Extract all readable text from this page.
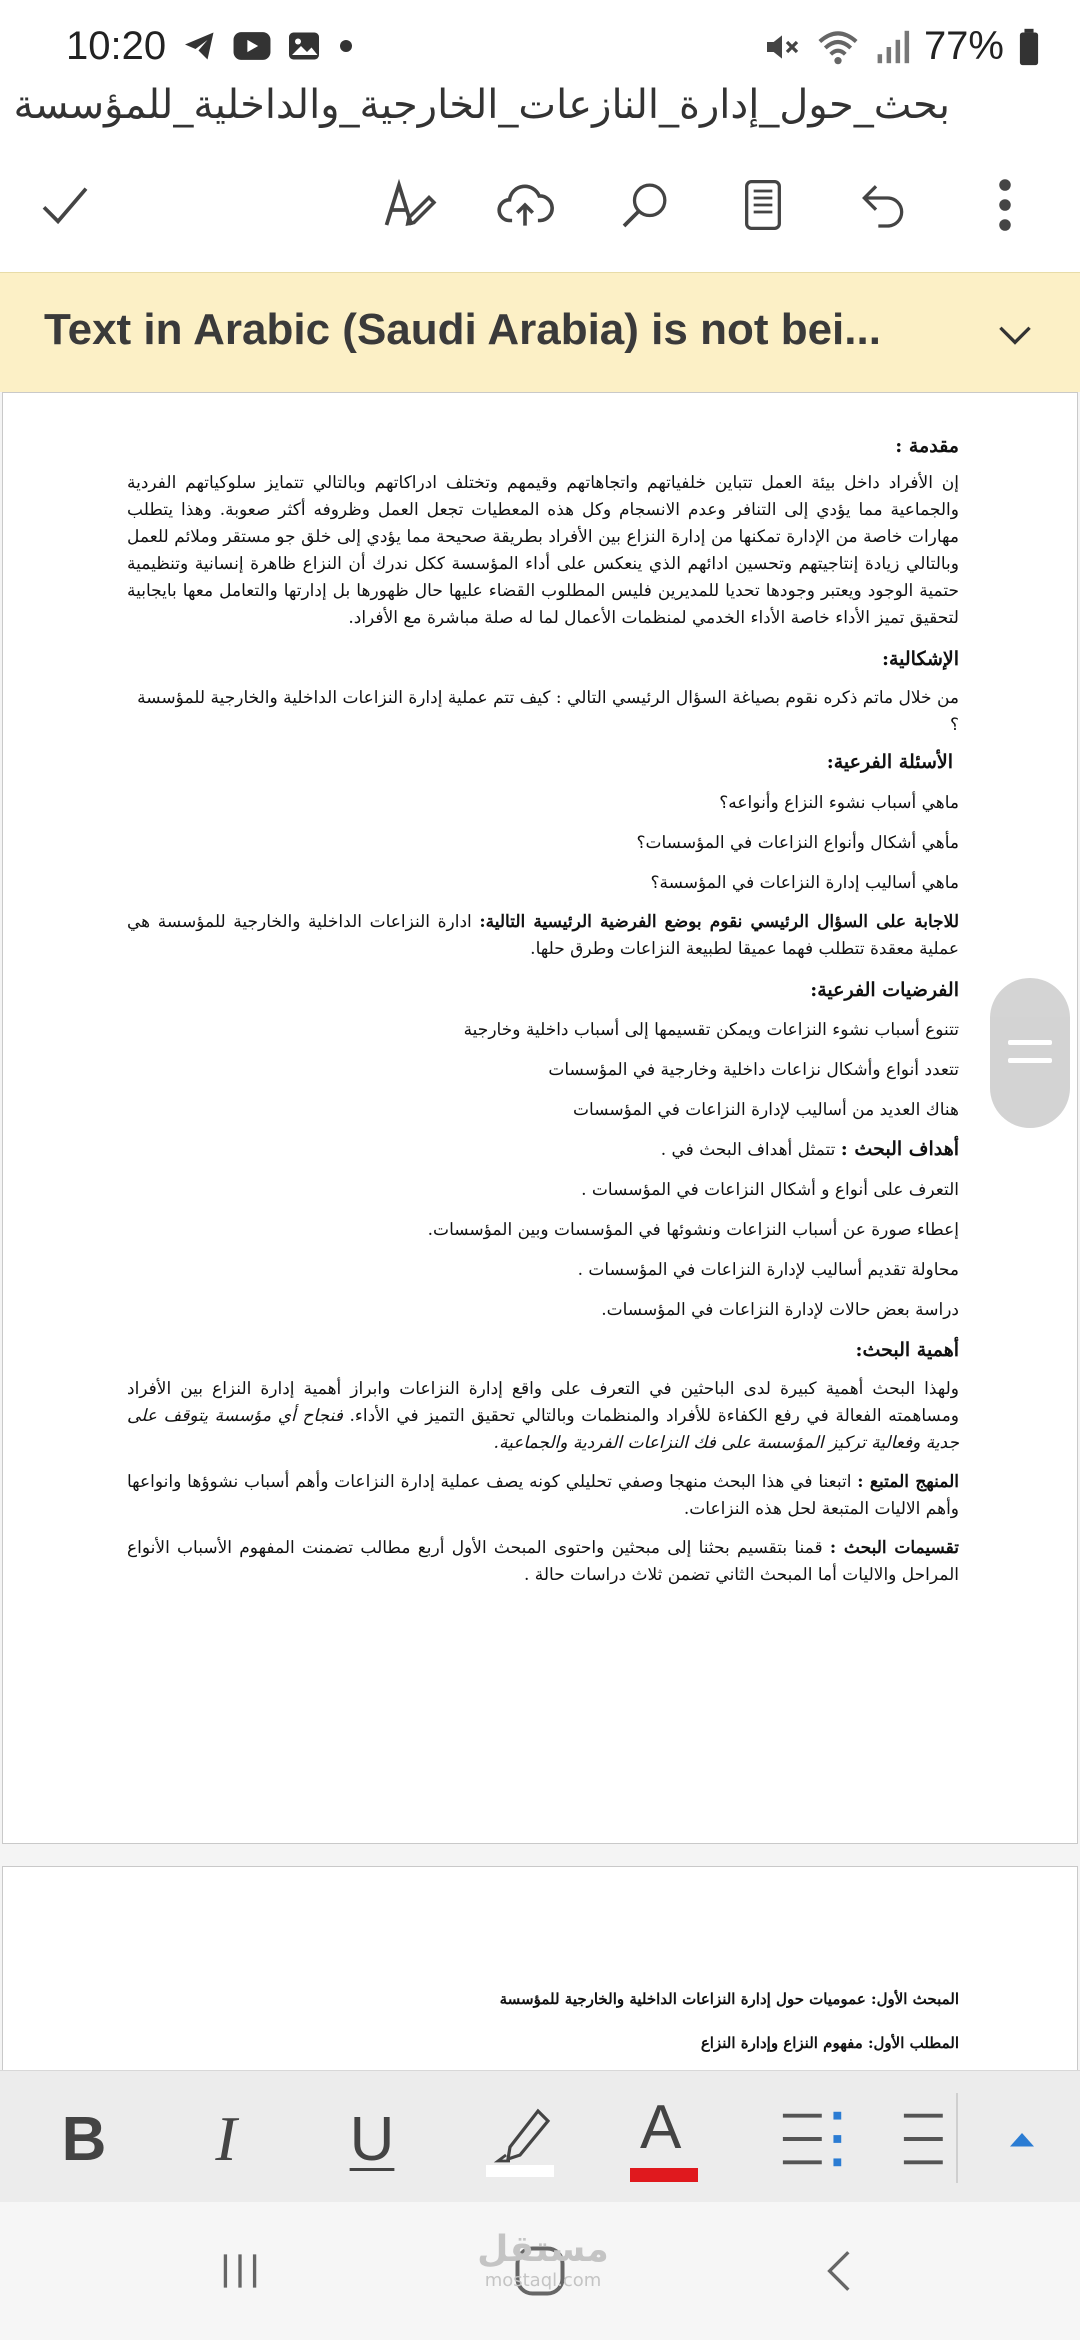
10:20	77%
بحث_حول_إدارة_النازعات_الخارجية_والداخلية_للمؤسسة
Text in Arabic (Saudi Arabia) is not bei...

مقدمة :

إن الأفراد داخل بيئة العمل تتباين خلفياتهم واتجاهاتهم وقيمهم وتختلف ادراكاتهم وبالتالي تتمايز سلوكياتهم الفردية والجماعية مما يؤدي إلى التنافر وعدم الانسجام وكل هذه المعطيات تجعل العمل وظروفه أكثر صعوبة. وهذا يتطلب مهارات خاصة من الإدارة تمكنها من إدارة النزاع بين الأفراد بطريقة صحيحة مما يؤدي إلى خلق جو مستقر وملائم للعمل وبالتالي زيادة إنتاجيتهم وتحسين ادائهم الذي ينعكس على أداء المؤسسة ككل ندرك أن النزاع ظاهرة إنسانية وتنظيمية حتمية الوجود ويعتبر وجودها تحديا للمديرين فليس المطلوب القضاء عليها حال ظهورها بل إدارتها والتعامل معها بايجابية لتحقيق تميز الأداء خاصة الأداء الخدمي لمنظمات الأعمال لما له صلة مباشرة مع الأفراد.

الإشكالية:

من خلال ماتم ذكره نقوم بصياغة السؤال الرئيسي التالي : كيف تتم عملية إدارة النزاعات الداخلية والخارجية للمؤسسة ؟

الأسئلة الفرعية:

ماهي أسباب نشوء النزاع وأنواعه؟

مأهي أشكال وأنواع النزاعات في المؤسسات؟

ماهي أساليب إدارة النزاعات في المؤسسة؟

للاجابة على السؤال الرئيسي نقوم بوضع الفرضية الرئيسية التالية: ادارة النزاعات الداخلية والخارجية للمؤسسة هي عملية معقدة تتطلب فهما عميقا لطبيعة النزاعات وطرق حلها.

الفرضيات الفرعية:

تتنوع أسباب نشوء النزاعات ويمكن تقسيمها إلى أسباب داخلية وخارجية

تتعدد أنواع وأشكال نزاعات داخلية وخارجية في المؤسسات

هناك العديد من أساليب لإدارة النزاعات في المؤسسات

أهداف البحث : تتمثل أهداف البحث في .

التعرف على أنواع و أشكال النزاعات في المؤسسات .

إعطاء صورة عن أسباب النزاعات ونشوئها في المؤسسات وبين المؤسسات.

محاولة تقديم أساليب لإدارة النزاعات في المؤسسات .

دراسة بعض حالات لإدارة النزاعات في المؤسسات.

أهمية البحث:

ولهذا البحث أهمية كبيرة لدى الباحثين في التعرف على واقع إدارة النزاعات وابراز أهمية إدارة النزاع بين الأفراد ومساهمته الفعالة في رفع الكفاءة للأفراد والمنظمات وبالتالي تحقيق التميز في الأداء. فنجاح أي مؤسسة يتوقف على جدية وفعالية تركيز المؤسسة على فك النزاعات الفردية والجماعية.

المنهج المتبع : اتبعنا في هذا البحث منهجا وصفي تحليلي كونه يصف عملية إدارة النزاعات وأهم أسباب نشوؤها وانواعها وأهم الاليات المتبعة لحل هذه النزاعات.

تقسيمات البحث : قمنا بتقسيم بحثنا إلى مبحثين واحتوى المبحث الأول أربع مطالب تضمنت المفهوم الأسباب الأنواع المراحل والاليات أما المبحث الثاني تضمن ثلاث دراسات حالة .

المبحث الأول: عموميات حول إدارة النزاعات الداخلية والخارجية للمؤسسة

المطلب الأول: مفهوم النزاع وإدارة النزاع

B I U	A
مستقل
mostaql.com
